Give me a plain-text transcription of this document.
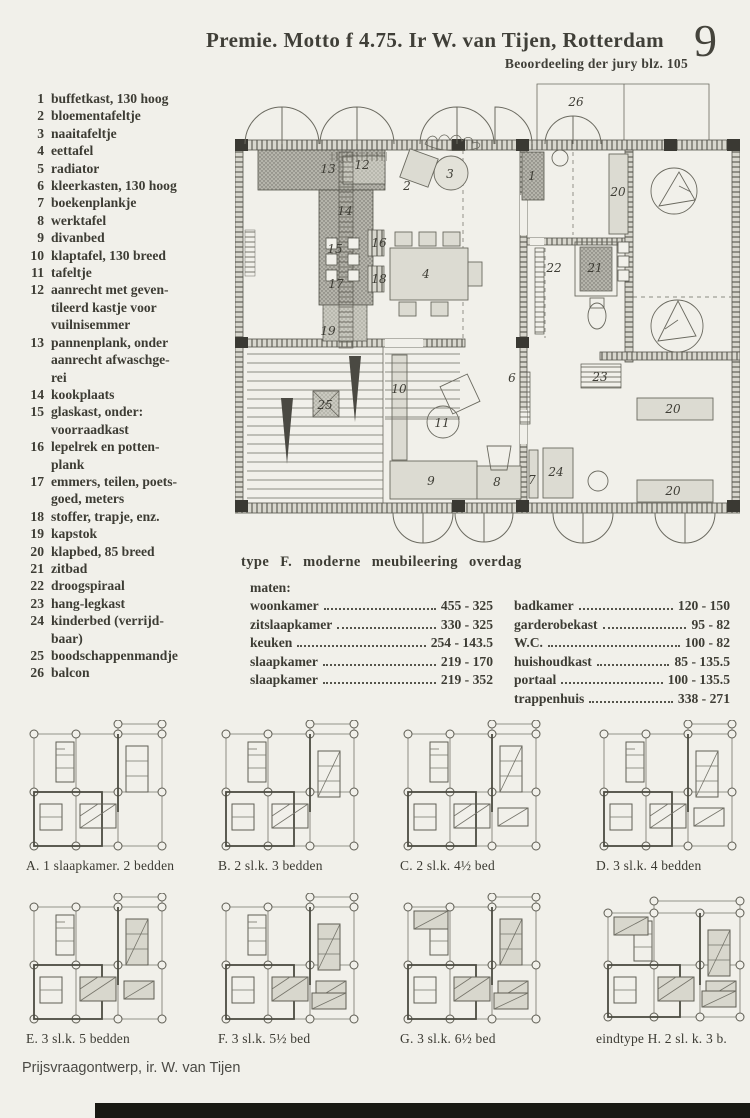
Premie. Motto f 4.75. Ir W. van Tijen, Rotterdam
Beoordeeling der jury blz. 105 9
1 buffetkast, 130 hoog
2 bloementafeltje
3 naaitafeltje
4 eettafel
5 radiator
6 kleerkasten, 130 hoog
7 boekenplankje
8 werktafel
9 divanbed
10 klaptafel, 130 breed
11 tafeltje
12 aanrecht met geven-
tileerd kastje voor
vuilnisemmer
13 pannenplank, onder
aanrecht afwaschge-
rei
14 kookplaats
15 glaskast, onder:
voorraadkast
16 lepelrek en potten-
plank
17 emmers, teilen, poets-
goed, meters
18 stoffer, trapje, enz.
19 kapstok
20 klapbed, 85 breed
21 zitbad
22 droogspiraal
23 hang-legkast
24 kinderbed (verrijd-
baar)
25 boodschappenmandje
26 balcon
26
2
3	1
20
22 21
23
12
13
14
15 16
17 18
19
25
10
11
6
4
9	8 7
24
20
20
type F. moderne meubileering overdag
maten:
woonkamer	455 - 325
zitslaapkamer	330 - 325
keuken	254 - 143.5
slaapkamer	219 - 170
slaapkamer	219 - 352

badkamer	120 - 150
garderobekast	95 - 82
W.C.	100 - 82
huishoudkast	85 - 135.5
portaal	100 - 135.5
trappenhuis	338 - 271
A. 1 slaapkamer. 2 bedden	B. 2 sl.k. 3 bedden	C. 2 sl.k. 4½ bed	D. 3 sl.k. 4 bedden
E. 3 sl.k. 5 bedden	F. 3 sl.k. 5½ bed	G. 3 sl.k. 6½ bed	eindtype H. 2 sl. k. 3 b.
Prijsvraagontwerp, ir. W. van Tijen
